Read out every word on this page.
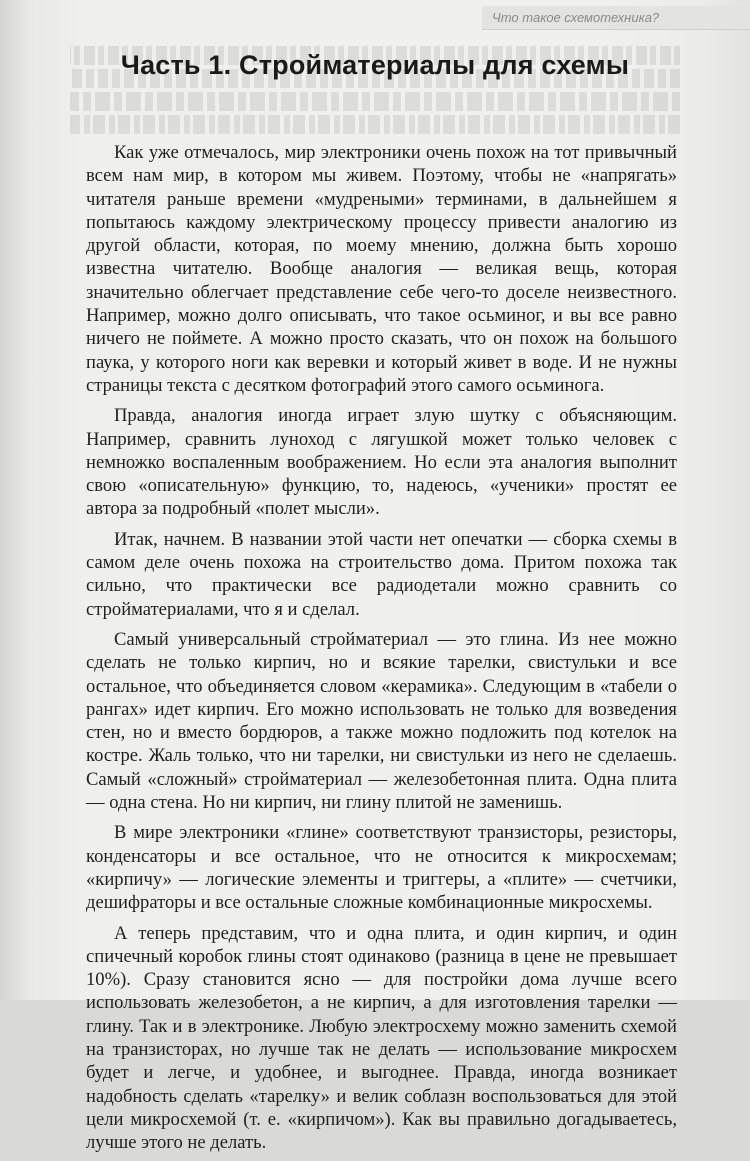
Что такое схемотехника?
Часть 1. Стройматериалы для схемы

Как уже отмечалось, мир электроники очень похож на тот привычный всем нам мир, в котором мы живем. Поэтому, чтобы не «напрягать» читателя раньше времени «мудреными» терминами, в дальнейшем я попытаюсь каждому электрическому процессу привести аналогию из другой области, которая, по моему мнению, должна быть хорошо известна читателю. Вообще аналогия — великая вещь, которая значительно облегчает представление себе чего-то доселе неизвестного. Например, можно долго описывать, что такое осьминог, и вы все равно ничего не поймете. А можно просто сказать, что он похож на большого паука, у которого ноги как веревки и который живет в воде. И не нужны страницы текста с десятком фотографий этого самого осьминога.

Правда, аналогия иногда играет злую шутку с объясняющим. Например, сравнить луноход с лягушкой может только человек с немножко воспаленным воображением. Но если эта аналогия выполнит свою «описательную» функцию, то, надеюсь, «ученики» простят ее автора за подробный «полет мысли».

Итак, начнем. В названии этой части нет опечатки — сборка схемы в самом деле очень похожа на строительство дома. Притом похожа так сильно, что практически все радиодетали можно сравнить со стройматериалами, что я и сделал.

Самый универсальный стройматериал — это глина. Из нее можно сделать не только кирпич, но и всякие тарелки, свистульки и все остальное, что объединяется словом «керамика». Следующим в «табели о рангах» идет кирпич. Его можно использовать не только для возведения стен, но и вместо бордюров, а также можно подложить под котелок на костре. Жаль только, что ни тарелки, ни свистульки из него не сделаешь. Самый «сложный» стройматериал — железобетонная плита. Одна плита — одна стена. Но ни кирпич, ни глину плитой не заменишь.

В мире электроники «глине» соответствуют транзисторы, резисторы, конденсаторы и все остальное, что не относится к микросхемам; «кирпичу» — логические элементы и триггеры, а «плите» — счетчики, дешифраторы и все остальные сложные комбинационные микросхемы.

А теперь представим, что и одна плита, и один кирпич, и один спичечный коробок глины стоят одинаково (разница в цене не превышает 10%). Сразу становится ясно — для постройки дома лучше всего использовать железобетон, а не кирпич, а для изготовления тарелки — глину. Так и в электронике. Любую электросхему можно заменить схемой на транзисторах, но лучше так не делать — использование микросхем будет и легче, и удобнее, и выгоднее. Правда, иногда возникает надобность сделать «тарелку» и велик соблазн воспользоваться для этой цели микросхемой (т. е. «кирпичом»). Как вы правильно догадываетесь, лучше этого не делать.
